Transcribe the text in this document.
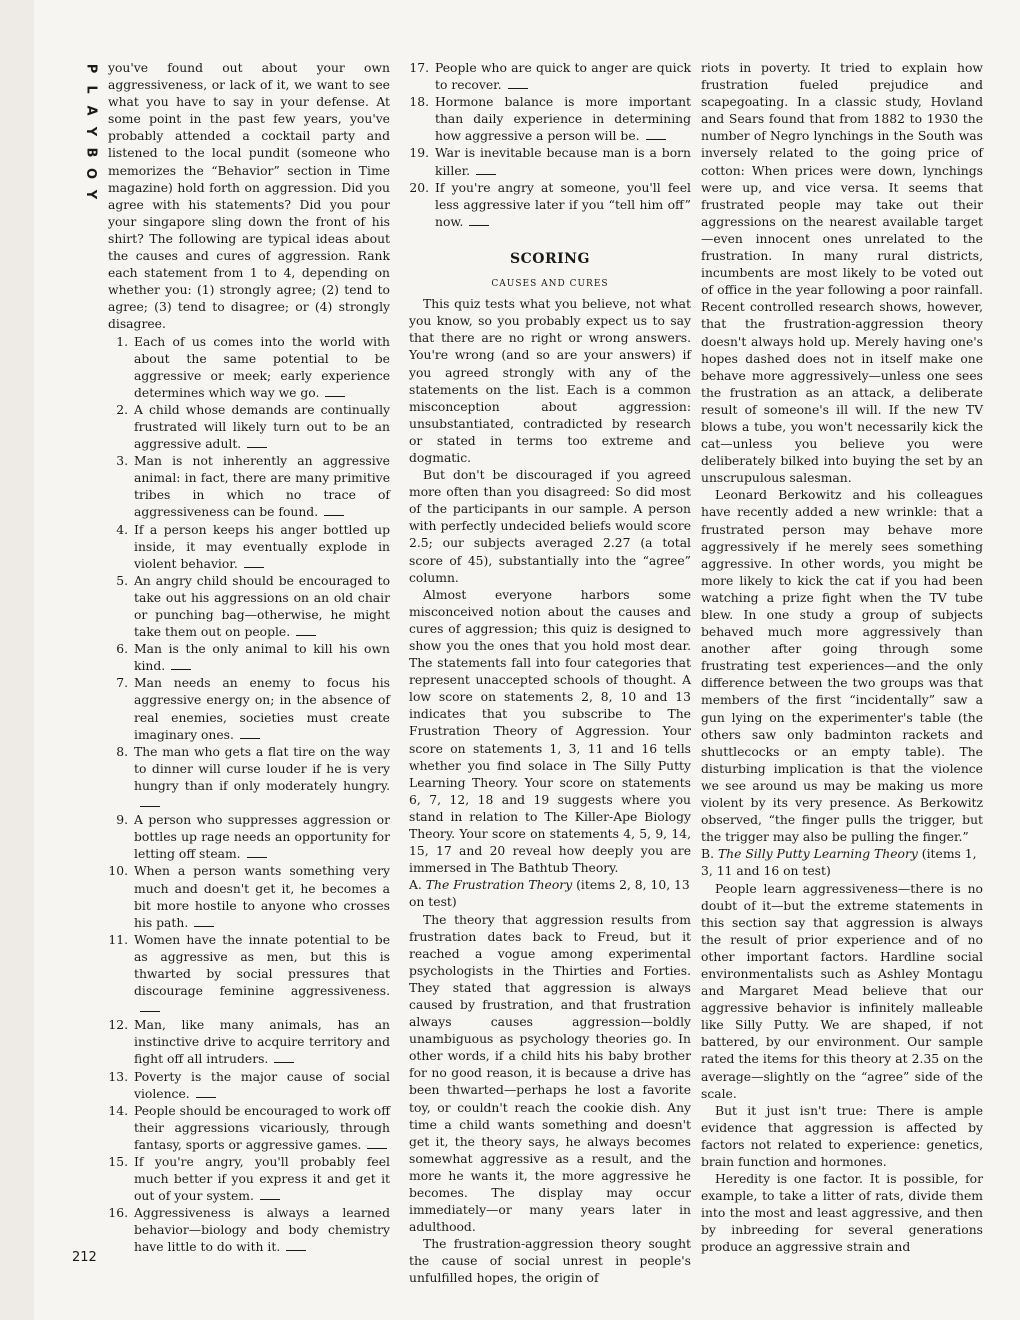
P
L
A
Y
B
O
Y
212

you've found out about your own aggressiveness, or lack of it, we want to see what you have to say in your defense. At some point in the past few years, you've probably attended a cocktail party and listened to the local pundit (someone who memorizes the “Behavior” section in Time magazine) hold forth on aggression. Did you agree with his statements? Did you pour your singapore sling down the front of his shirt? The following are typical ideas about the causes and cures of aggression. Rank each statement from 1 to 4, depending on whether you: (1) strongly agree; (2) tend to agree; (3) tend to disagree; or (4) strongly disagree.

1. Each of us comes into the world with about the same potential to be aggressive or meek; early experience determines which way we go.
2. A child whose demands are continually frustrated will likely turn out to be an aggressive adult.
3. Man is not inherently an aggressive animal: in fact, there are many primitive tribes in which no trace of aggressiveness can be found.
4. If a person keeps his anger bottled up inside, it may eventually explode in violent behavior.
5. An angry child should be encouraged to take out his aggressions on an old chair or punching bag—otherwise, he might take them out on people.
6. Man is the only animal to kill his own kind.
7. Man needs an enemy to focus his aggressive energy on; in the absence of real enemies, societies must create imaginary ones.
8. The man who gets a flat tire on the way to dinner will curse louder if he is very hungry than if only moderately hungry.
9. A person who suppresses aggression or bottles up rage needs an opportunity for letting off steam.
10. When a person wants something very much and doesn't get it, he becomes a bit more hostile to anyone who crosses his path.
11. Women have the innate potential to be as aggressive as men, but this is thwarted by social pressures that discourage feminine aggressiveness.
12. Man, like many animals, has an instinctive drive to acquire territory and fight off all intruders.
13. Poverty is the major cause of social violence.
14. People should be encouraged to work off their aggressions vicariously, through fantasy, sports or aggressive games.
15. If you're angry, you'll probably feel much better if you express it and get it out of your system.
16. Aggressiveness is always a learned behavior—biology and body chemistry have little to do with it.
17. People who are quick to anger are quick to recover.
18. Hormone balance is more important than daily experience in determining how aggressive a person will be.
19. War is inevitable because man is a born killer.
20. If you're angry at someone, you'll feel less aggressive later if you “tell him off” now.
SCORING
CAUSES AND CURES

This quiz tests what you believe, not what you know, so you probably expect us to say that there are no right or wrong answers. You're wrong (and so are your answers) if you agreed strongly with any of the statements on the list. Each is a common misconception about aggression: unsubstantiated, contradicted by research or stated in terms too extreme and dogmatic.

But don't be discouraged if you agreed more often than you disagreed: So did most of the participants in our sample. A person with perfectly undecided beliefs would score 2.5; our subjects averaged 2.27 (a total score of 45), substantially into the “agree” column.

Almost everyone harbors some misconceived notion about the causes and cures of aggression; this quiz is designed to show you the ones that you hold most dear. The statements fall into four categories that represent unaccepted schools of thought. A low score on statements 2, 8, 10 and 13 indicates that you subscribe to The Frustration Theory of Aggression. Your score on statements 1, 3, 11 and 16 tells whether you find solace in The Silly Putty Learning Theory. Your score on statements 6, 7, 12, 18 and 19 suggests where you stand in relation to The Killer-Ape Biology Theory. Your score on statements 4, 5, 9, 14, 15, 17 and 20 reveal how deeply you are immersed in The Bathtub Theory.

A. The Frustration Theory (items 2, 8, 10, 13 on test)

The theory that aggression results from frustration dates back to Freud, but it reached a vogue among experimental psychologists in the Thirties and Forties. They stated that aggression is always caused by frustration, and that frustration always causes aggression—boldly unambiguous as psychology theories go. In other words, if a child hits his baby brother for no good reason, it is because a drive has been thwarted—perhaps he lost a favorite toy, or couldn't reach the cookie dish. Any time a child wants something and doesn't get it, the theory says, he always becomes somewhat aggressive as a result, and the more he wants it, the more aggressive he becomes. The display may occur immediately—or many years later in adulthood.

The frustration-aggression theory sought the cause of social unrest in people's unfulfilled hopes, the origin of

riots in poverty. It tried to explain how frustration fueled prejudice and scapegoating. In a classic study, Hovland and Sears found that from 1882 to 1930 the number of Negro lynchings in the South was inversely related to the going price of cotton: When prices were down, lynchings were up, and vice versa. It seems that frustrated people may take out their aggressions on the nearest available target—even innocent ones unrelated to the frustration. In many rural districts, incumbents are most likely to be voted out of office in the year following a poor rainfall. Recent controlled research shows, however, that the frustration-aggression theory doesn't always hold up. Merely having one's hopes dashed does not in itself make one behave more aggressively—unless one sees the frustration as an attack, a deliberate result of someone's ill will. If the new TV blows a tube, you won't necessarily kick the cat—unless you believe you were deliberately bilked into buying the set by an unscrupulous salesman.

Leonard Berkowitz and his colleagues have recently added a new wrinkle: that a frustrated person may behave more aggressively if he merely sees something aggressive. In other words, you might be more likely to kick the cat if you had been watching a prize fight when the TV tube blew. In one study a group of subjects behaved much more aggressively than another after going through some frustrating test experiences—and the only difference between the two groups was that members of the first “incidentally” saw a gun lying on the experimenter's table (the others saw only badminton rackets and shuttlecocks or an empty table). The disturbing implication is that the violence we see around us may be making us more violent by its very presence. As Berkowitz observed, “the finger pulls the trigger, but the trigger may also be pulling the finger.”

B. The Silly Putty Learning Theory (items 1, 3, 11 and 16 on test)

People learn aggressiveness—there is no doubt of it—but the extreme statements in this section say that aggression is always the result of prior experience and of no other important factors. Hardline social environmentalists such as Ashley Montagu and Margaret Mead believe that our aggressive behavior is infinitely malleable like Silly Putty. We are shaped, if not battered, by our environment. Our sample rated the items for this theory at 2.35 on the average—slightly on the “agree” side of the scale.

But it just isn't true: There is ample evidence that aggression is affected by factors not related to experience: genetics, brain function and hormones.

Heredity is one factor. It is possible, for example, to take a litter of rats, divide them into the most and least aggressive, and then by inbreeding for several generations produce an aggressive strain and
